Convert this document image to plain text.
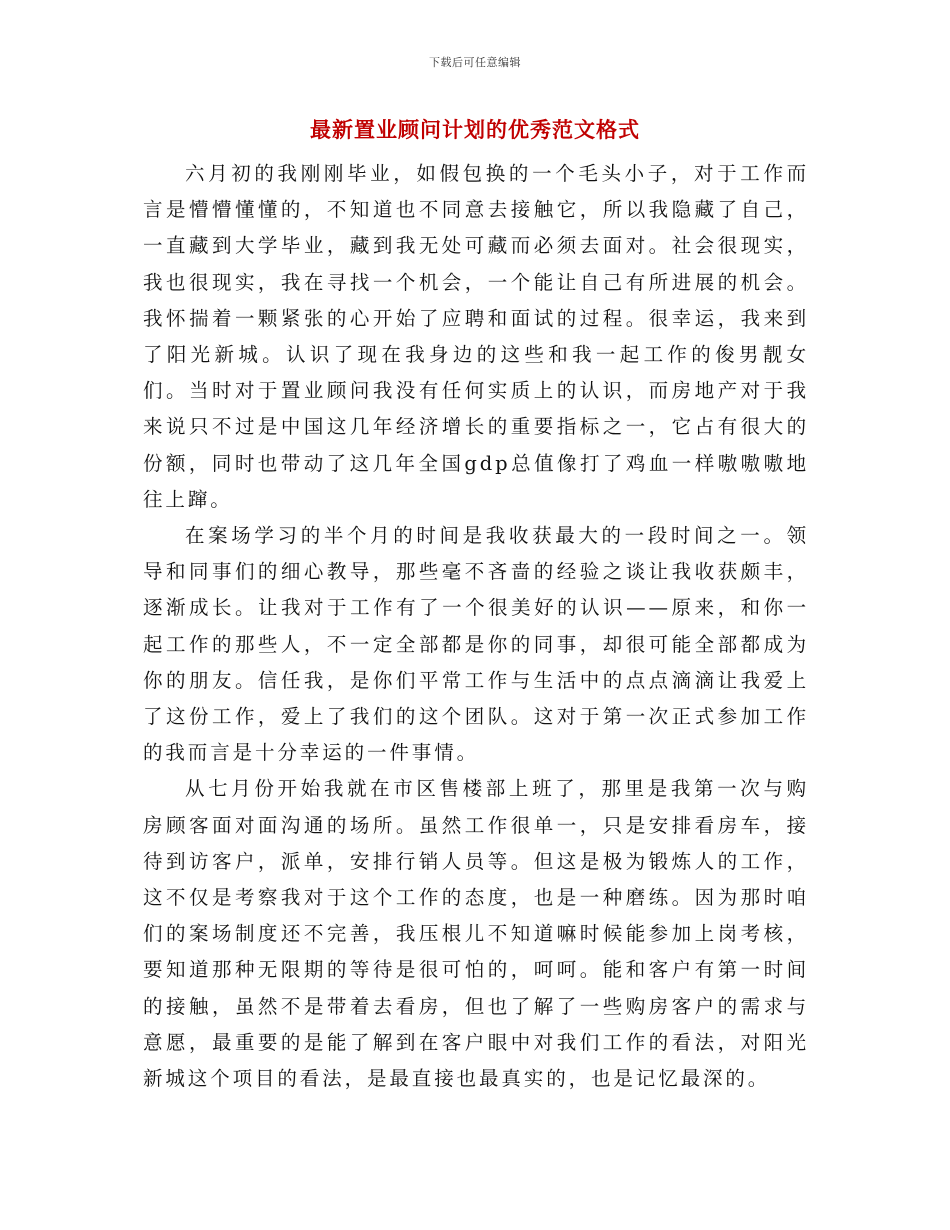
下载后可任意编辑
最新置业顾问计划的优秀范文格式

六月初的我刚刚毕业，如假包换的一个毛头小子，对于工作而言是懵懵懂懂的，不知道也不同意去接触它，所以我隐藏了自己，一直藏到大学毕业，藏到我无处可藏而必须去面对。社会很现实，我也很现实，我在寻找一个机会，一个能让自己有所进展的机会。我怀揣着一颗紧张的心开始了应聘和面试的过程。很幸运，我来到了阳光新城。认识了现在我身边的这些和我一起工作的俊男靓女们。当时对于置业顾问我没有任何实质上的认识，而房地产对于我来说只不过是中国这几年经济增长的重要指标之一，它占有很大的份额，同时也带动了这几年全国gdp总值像打了鸡血一样嗷嗷嗷地往上蹿。

在案场学习的半个月的时间是我收获最大的一段时间之一。领导和同事们的细心教导，那些毫不吝啬的经验之谈让我收获颇丰，逐渐成长。让我对于工作有了一个很美好的认识——原来，和你一起工作的那些人，不一定全部都是你的同事，却很可能全部都成为你的朋友。信任我，是你们平常工作与生活中的点点滴滴让我爱上了这份工作，爱上了我们的这个团队。这对于第一次正式参加工作的我而言是十分幸运的一件事情。

从七月份开始我就在市区售楼部上班了，那里是我第一次与购房顾客面对面沟通的场所。虽然工作很单一，只是安排看房车，接待到访客户，派单，安排行销人员等。但这是极为锻炼人的工作，这不仅是考察我对于这个工作的态度，也是一种磨练。因为那时咱们的案场制度还不完善，我压根儿不知道嘛时候能参加上岗考核，要知道那种无限期的等待是很可怕的，呵呵。能和客户有第一时间的接触，虽然不是带着去看房，但也了解了一些购房客户的需求与意愿，最重要的是能了解到在客户眼中对我们工作的看法，对阳光新城这个项目的看法，是最直接也最真实的，也是记忆最深的。
